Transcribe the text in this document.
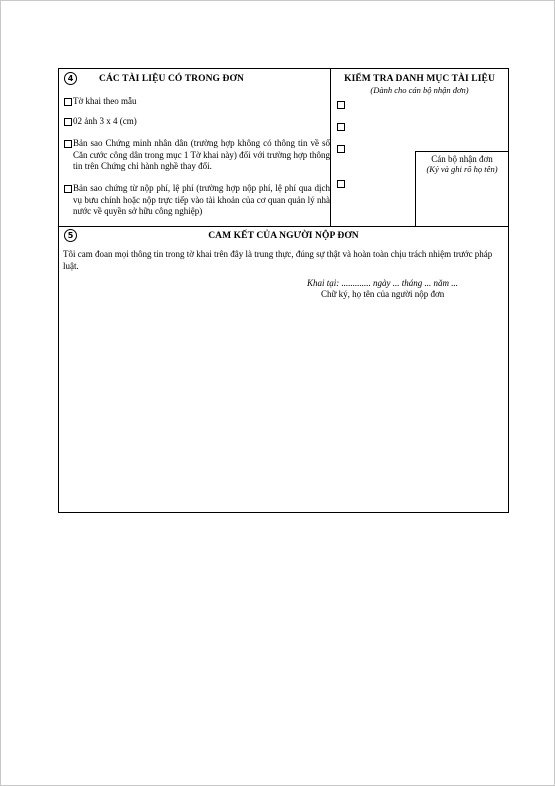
4	CÁC TÀI LIỆU CÓ TRONG ĐƠN
Tờ khai theo mẫu
02 ảnh 3 x 4 (cm)
Bản sao Chứng minh nhân dân (trường hợp không có thông tin về số Căn cước công dân trong mục 1 Tờ khai này) đối với trường hợp thông tin trên Chứng chỉ hành nghề thay đổi.
Bản sao chứng từ nộp phí, lệ phí (trường hợp nộp phí, lệ phí qua dịch vụ bưu chính hoặc nộp trực tiếp vào tài khoản của cơ quan quản lý nhà nước về quyền sở hữu công nghiệp)
KIỂM TRA DANH MỤC TÀI LIỆU
(Dành cho cán bộ nhận đơn)
Cán bộ nhận đơn
(Ký và ghi rõ họ tên)
5	CAM KẾT CỦA NGƯỜI NỘP ĐƠN
Tôi cam đoan mọi thông tin trong tờ khai trên đây là trung thực, đúng sự thật và hoàn toàn chịu trách nhiệm trước pháp luật.
Khai tại: ............. ngày ... tháng ... năm ...
Chữ ký, họ tên của người nộp đơn
